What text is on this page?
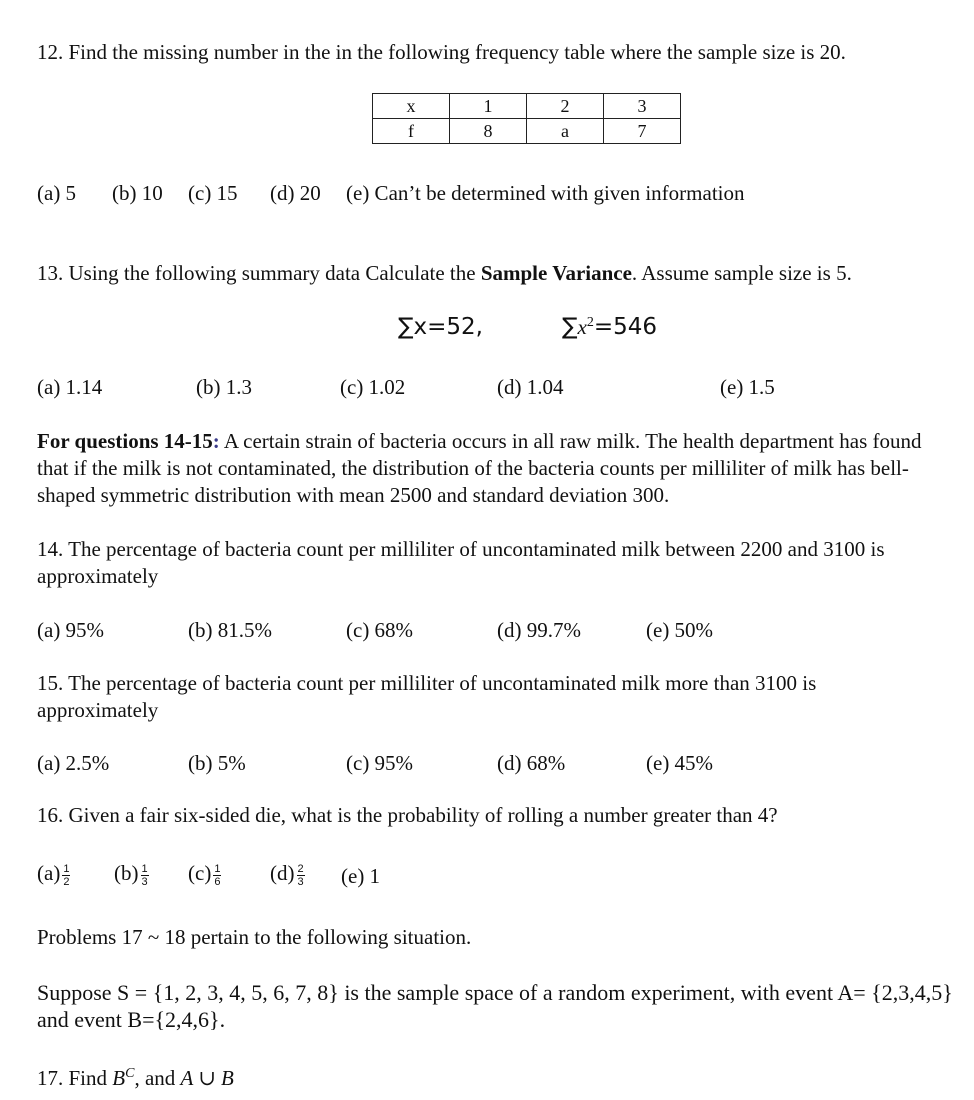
12. Find the missing number in the in the following frequency table where the sample size is 20.
x	1	2	3
f	8	a	7
(a) 5 (b) 10 (c) 15 (d) 20 (e) Can’t be determined with given information
13. Using the following summary data Calculate the Sample Variance. Assume sample size is 5.
∑x=52,	$\sum x^2=546$
(a) 1.14	(b) 1.3	(c) 1.02	(d) 1.04	(e) 1.5
For questions 14-15: A certain strain of bacteria occurs in all raw milk. The health department has found that if the milk is not contaminated, the distribution of the bacteria counts per milliliter of milk has bell-shaped symmetric distribution with mean 2500 and standard deviation 300.
14. The percentage of bacteria count per milliliter of uncontaminated milk between 2200 and 3100 is approximately
(a) 95%	(b) 81.5%	(c) 68%	(d) 99.7%	(e) 50%
15. The percentage of bacteria count per milliliter of uncontaminated milk more than 3100 is approximately
(a) 2.5%	(b) 5%	(c) 95%	(d) 68%	(e) 45%
16. Given a fair six-sided die, what is the probability of rolling a number greater than 4?
$(a) \frac{1}{2} (b) \frac{1}{3} (c) \frac{1}{6} (d) \frac{2}{3} (e)$ 1
Problems 17 ~ 18 pertain to the following situation.
Suppose S = {1, 2, 3, 4, 5, 6, 7, 8} is the sample space of a random experiment, with event A= {2,3,4,5} and event B={2,4,6}.
17. Find $B^C$, and A ∪ B
